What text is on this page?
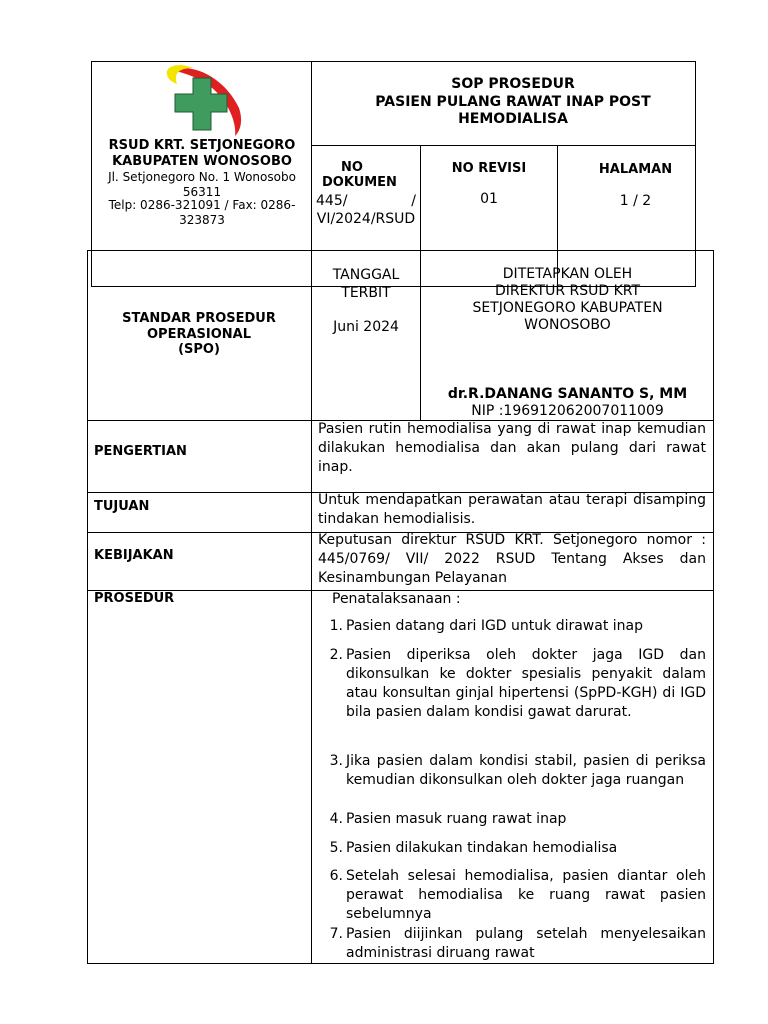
RSUD KRT. SETJONEGORO
KABUPATEN WONOSOBO
Jl. Setjonegoro No. 1 Wonosobo 56311
Telp: 0286-321091 / Fax: 0286-323873
SOP PROSEDUR
PASIEN PULANG RAWAT INAP POST
HEMODIALISA
NO DOKUMEN
445/ / VI/2024/RSUD
NO REVISI
01
HALAMAN
1 / 2
STANDAR PROSEDUR
OPERASIONAL
(SPO)
TANGGAL
TERBIT
Juni 2024
DITETAPKAN OLEH
DIREKTUR RSUD KRT
SETJONEGORO KABUPATEN
WONOSOBO
dr.R.DANANG SANANTO S, MM
NIP :196912062007011009
PENGERTIAN
Pasien rutin hemodialisa yang di rawat inap kemudian dilakukan hemodialisa dan akan pulang dari rawat inap.
TUJUAN	Untuk mendapatkan perawatan atau terapi disamping tindakan hemodialisis.
KEBIJAKAN
Keputusan direktur RSUD KRT. Setjonegoro nomor : 445/0769/ VII/ 2022 RSUD Tentang Akses dan Kesinambungan Pelayanan
PROSEDUR	Penatalaksanaan :
1. Pasien datang dari IGD untuk dirawat inap
2. Pasien diperiksa oleh dokter jaga IGD dan dikonsulkan ke dokter spesialis penyakit dalam atau konsultan ginjal hipertensi (SpPD-KGH) di IGD bila pasien dalam kondisi gawat darurat.
3. Jika pasien dalam kondisi stabil, pasien di periksa kemudian dikonsulkan oleh dokter jaga ruangan
4. Pasien masuk ruang rawat inap
5. Pasien dilakukan tindakan hemodialisa
6. Setelah selesai hemodialisa, pasien diantar oleh perawat hemodialisa ke ruang rawat pasien sebelumnya
7. Pasien diijinkan pulang setelah menyelesaikan administrasi diruang rawat
